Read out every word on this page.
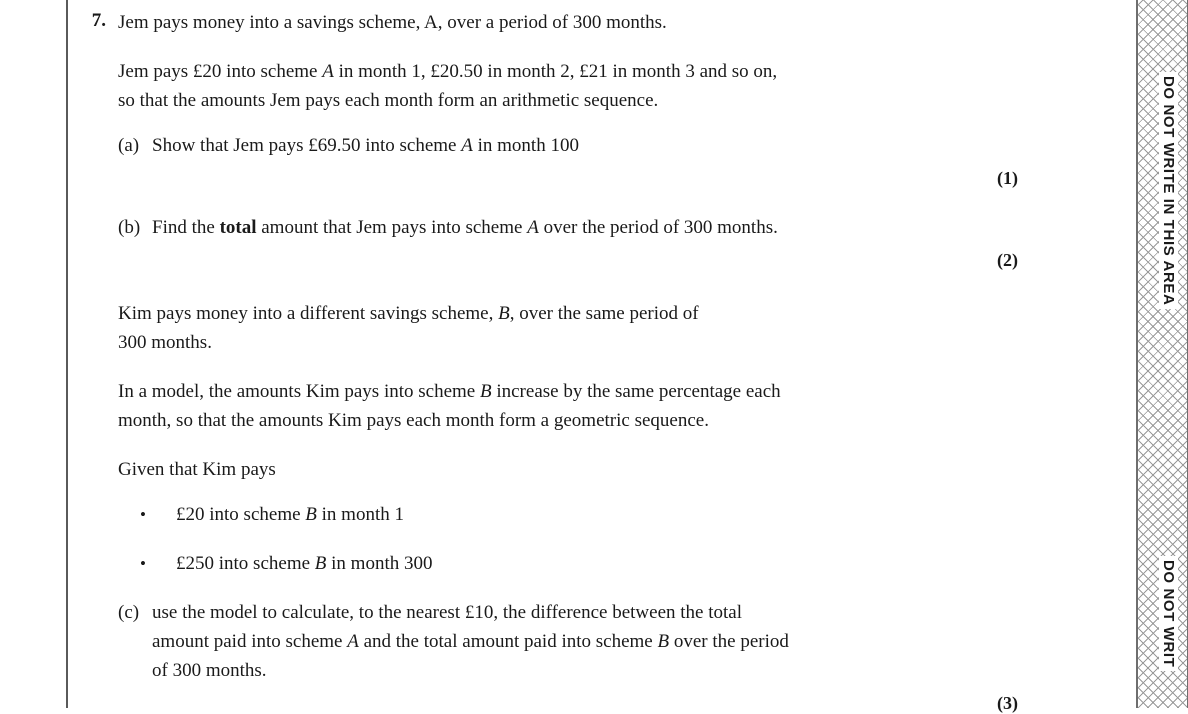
DO NOT WRITE IN THIS AREA
DO NOT WRIT
7. Jem pays money into a savings scheme, A, over a period of 300 months.
Jem pays £20 into scheme A in month 1, £20.50 in month 2, £21 in month 3 and so on,
so that the amounts Jem pays each month form an arithmetic sequence.
(a) Show that Jem pays £69.50 into scheme A in month 100
(1)
(b) Find the total amount that Jem pays into scheme A over the period of 300 months.
(2)
Kim pays money into a different savings scheme, B, over the same period of
300 months.
In a model, the amounts Kim pays into scheme B increase by the same percentage each
month, so that the amounts Kim pays each month form a geometric sequence.
Given that Kim pays
•	£20 into scheme B in month 1
•	£250 into scheme B in month 300
(c) use the model to calculate, to the nearest £10, the difference between the total
amount paid into scheme A and the total amount paid into scheme B over the period
of 300 months.
(3)
